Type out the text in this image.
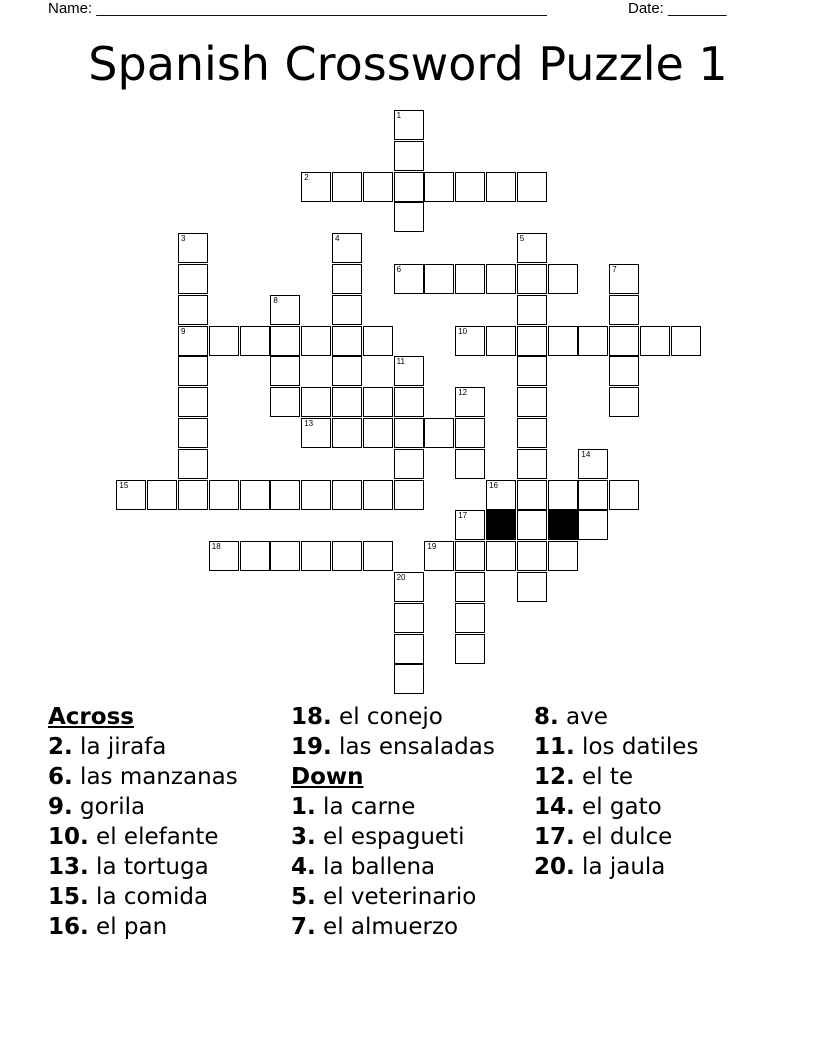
Name: ______________________________________________________	Date: _______
Spanish Crossword Puzzle 1
1
2
3	4	5
6	7
8
9	10
11
12
13
14
15	16
17
18	19
20
Across
2. la jirafa
6. las manzanas
9. gorila
10. el elefante
13. la tortuga
15. la comida
16. el pan
18. el conejo
19. las ensaladas
Down
1. la carne
3. el espagueti
4. la ballena
5. el veterinario
7. el almuerzo
8. ave
11. los datiles
12. el te
14. el gato
17. el dulce
20. la jaula
